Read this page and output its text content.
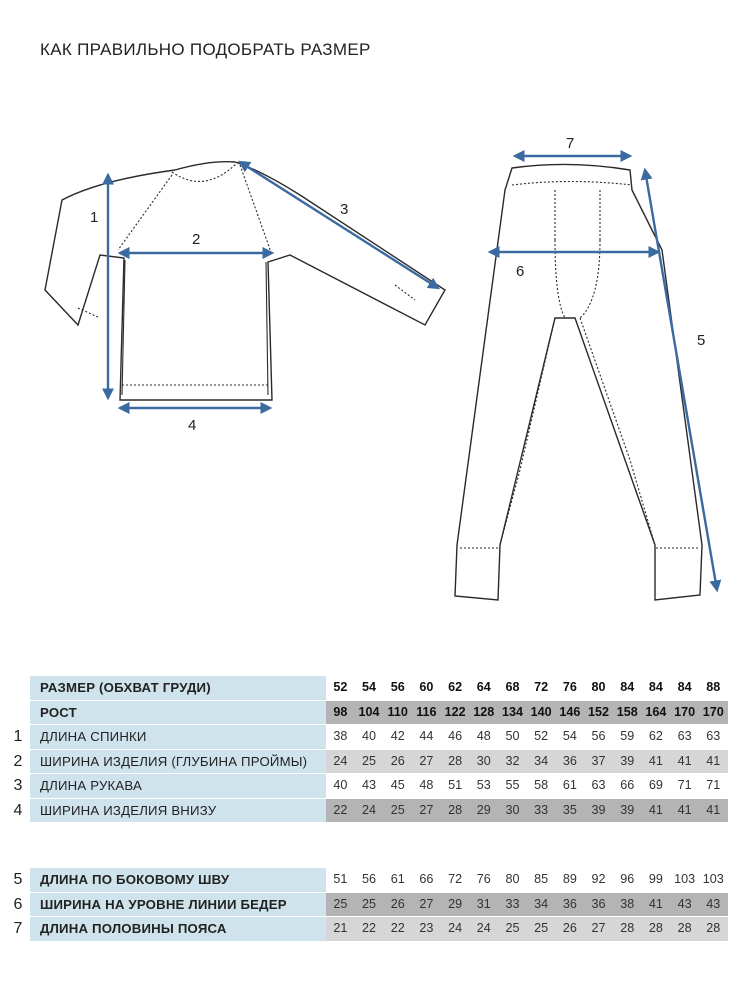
КАК ПРАВИЛЬНО ПОДОБРАТЬ РАЗМЕР
1
2
3
4
7
6
5
РАЗМЕР (ОБХВАТ ГРУДИ)	52	54	56	60	62	64	68	72	76	80	84	84	84	88
РОСТ	98 104 110 116 122 128 134 140 146 152 158 164 170 170
ДЛИНА СПИНКИ	38	40	42	44	46	48	50	52	54	56	59	62	63	63
ШИРИНА ИЗДЕЛИЯ (ГЛУБИНА ПРОЙМЫ)	24	25	26	27	28	30	32	34	36	37	39	41	41	41
ДЛИНА РУКАВА	40	43	45	48	51	53	55	58	61	63	66	69	71	71
ШИРИНА ИЗДЕЛИЯ ВНИЗУ	22	24	25	27	28	29	30	33	35	39	39	41	41	41
ДЛИНА ПО БОКОВОМУ ШВУ	51	56	61	66	72	76	80	85	89	92	96	99 103 103
ШИРИНА НА УРОВНЕ ЛИНИИ БЕДЕР	25	25	26	27	29	31	33	34	36	36	38	41	43	43
ДЛИНА ПОЛОВИНЫ ПОЯСА	21	22	22	23	24	24	25	25	26	27	28	28	28	28
1
2
3
4
5
6
7
